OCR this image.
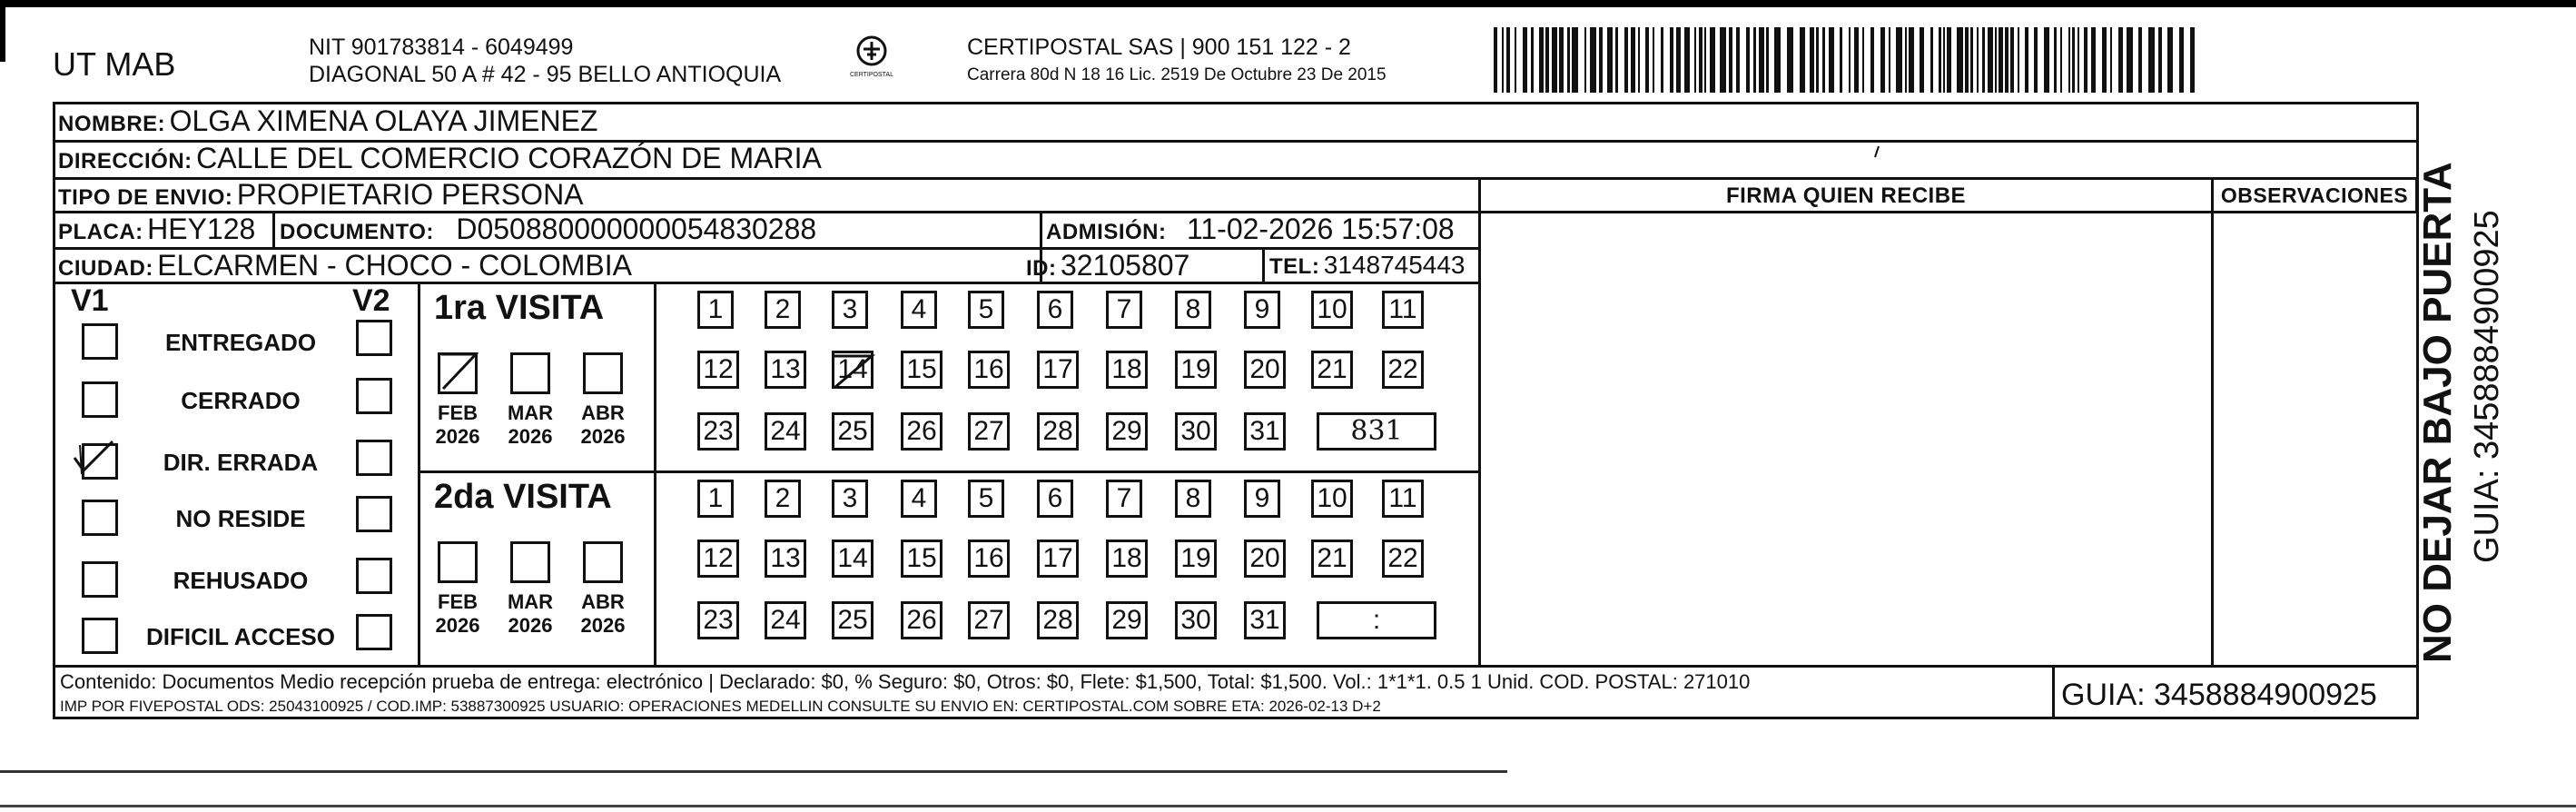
UT MAB	NIT 901783814 - 6049499
DIAGONAL 50 A # 42 - 95 BELLO ANTIOQUIA	CERTIPOSTAL
CERTIPOSTAL SAS | 900 151 122 - 2
Carrera 80d N 18 16 Lic. 2519 De Octubre 23 De 2015
NOMBRE: OLGA XIMENA OLAYA JIMENEZ
DIRECCIÓN: CALLE DEL COMERCIO CORAZÓN DE MARIA
TIPO DE ENVIO: PROPIETARIO PERSONA	FIRMA QUIEN RECIBE	OBSERVACIONES
PLACA: HEY128 DOCUMENTO: D050880000000054830288	ADMISIÓN: 11-02-2026 15:57:08
CIUDAD: ELCARMEN - CHOCO - COLOMBIA	ID: 32105807	TEL: 3148745443
V1	V2
ENTREGADO
CERRADO
DIR. ERRADA
NO RESIDE
REHUSADO
DIFICIL ACCESO
1ra VISITA
2da VISITA
FEB
2026
MAR
2026
ABR
2026
1	2	3	4	5	6	7	8	9	10 11
12 13 14 15 16 17 18 19 20 21 22
23 24 25 26 27 28 29 30 31	831
FEB
2026
MAR
2026
ABR
2026
1	2	3	4	5	6	7	8	9	10 11
12 13 14 15 16 17 18 19 20 21 22
23 24 25 26 27 28 29 30 31	:
Contenido: Documentos Medio recepción prueba de entrega: electrónico | Declarado: $0, % Seguro: $0, Otros: $0, Flete: $1,500, Total: $1,500. Vol.: 1*1*1. 0.5 1 Unid. COD. POSTAL: 271010
IMP POR FIVEPOSTAL ODS: 25043100925 / COD.IMP: 53887300925 USUARIO: OPERACIONES MEDELLIN CONSULTE SU ENVIO EN: CERTIPOSTAL.COM SOBRE ETA: 2026-02-13 D+2	GUIA: 3458884900925
NO DEJAR BAJO PUERTA GUIA: 3458884900925
